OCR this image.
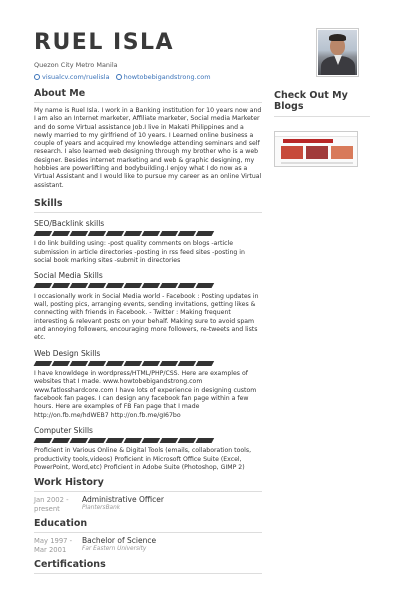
RUEL ISLA
Quezon City Metro Manila
visualcv.com/ruelisla howtobebigandstrong.com
About Me
My name is Ruel Isla. I work in a Banking institution for 10 years now and I am also an Internet marketer, Affiliate marketer, Social media Marketer and do some Virtual assistance Job.I live in Makati Philippines and a newly married to my girlfriend of 10 years. I Learned online business a couple of years and acquired my knowledge attending seminars and self research. I also learned web designing through my brother who is a web designer. Besides internet marketing and web & graphic designing, my hobbies are powerlifting and bodybuilding.I enjoy what I do now as a Virtual Assistant and I would like to pursue my career as an online Virtual assistant.
Skills
SEO/Backlink skills
I do link building using: -post quality comments on blogs -article submission in article directories -posting in rss feed sites -posting in social book marking sites -submit in directories
Social Media Skills
I occasionally work in Social Media world - Facebook : Posting updates in wall, posting pics, arranging events, sending invitations, getting likes & connecting with friends in Facebook. - Twitter : Making frequent interesting & relevant posts on your behalf. Making sure to avoid spam and annoying followers, encouraging more followers, re-tweets and lists etc.
Web Design Skills
I have knowldege in wordpress/HTML/PHP/CSS. Here are examples of websites that I made. www.howtobebigandstrong.com www.fatlosshardcore.com I have lots of experience in designing custom facebook fan pages. I can design any facebook fan page within a few hours. Here are examples of FB Fan page that I made http://on.fb.me/hdWEB7 http://on.fb.me/gI67bo
Computer Skills
Proficient in Various Online & Digital Tools (emails, collaboration tools, productivity tools,videos) Proficient in Microsoft Office Suite (Excel, PowerPoint, Word,etc) Proficient in Adobe Suite (Photoshop, GIMP 2)
Work History
Jan 2002 - present
Administrative Officer
PlantersBank
Education
May 1997 - Mar 2001
Bachelor of Science
Far Eastern University
Certifications
Check Out My Blogs
